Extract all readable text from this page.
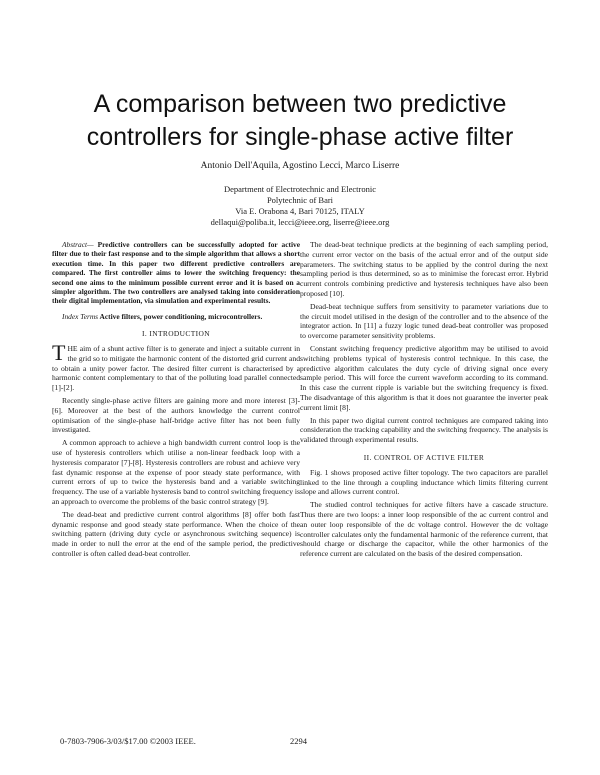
A comparison between two predictive
controllers for single-phase active filter
Antonio Dell'Aquila, Agostino Lecci, Marco Liserre
Department of Electrotechnic and Electronic
Polytechnic of Bari
Via E. Orabona 4, Bari 70125, ITALY
dellaqui@poliba.it, lecci@ieee.org, liserre@ieee.org

Abstract— Predictive controllers can be successfully adopted for active filter due to their fast response and to the simple algorithm that allows a short execution time. In this paper two different predictive controllers are compared. The first controller aims to lower the switching frequency: the second one aims to the minimum possible current error and it is based on a simpler algorithm. The two controllers are analysed taking into consideration their digital implementation, via simulation and experimental results.

Index Terms Active filters, power conditioning, microcontrollers.

I. INTRODUCTION

THE aim of a shunt active filter is to generate and inject a suitable current in the grid so to mitigate the harmonic content of the distorted grid current and to obtain a unity power factor. The desired filter current is characterised by a harmonic content complementary to that of the polluting load parallel connected [1]-[2].

Recently single-phase active filters are gaining more and more interest [3]-[6]. Moreover at the best of the authors knowledge the current control optimisation of the single-phase half-bridge active filter has not been fully investigated.

A common approach to achieve a high bandwidth current control loop is the use of hysteresis controllers which utilise a non-linear feedback loop with a hysteresis comparator [7]-[8]. Hysteresis controllers are robust and achieve very fast dynamic response at the expense of poor steady state performance, with current errors of up to twice the hysteresis band and a variable switching frequency. The use of a variable hysteresis band to control switching frequency is an approach to overcome the problems of the basic control strategy [9].

The dead-beat and predictive current control algorithms [8] offer both fast dynamic response and good steady state performance. When the choice of the switching pattern (driving duty cycle or asynchronous switching sequence) is made in order to null the error at the end of the sample period, the predictive controller is often called dead-beat controller.

The dead-beat technique predicts at the beginning of each sampling period, the current error vector on the basis of the actual error and of the output side parameters. The switching status to be applied by the control during the next sampling period is thus determined, so as to minimise the forecast error. Hybrid current controls combining predictive and hysteresis techniques have also been proposed [10].

Dead-beat technique suffers from sensitivity to parameter variations due to the circuit model utilised in the design of the controller and to the absence of the integrator action. In [11] a fuzzy logic tuned dead-beat controller was proposed to overcome parameter sensitivity problems.

Constant switching frequency predictive algorithm may be utilised to avoid switching problems typical of hysteresis control technique. In this case, the predictive algorithm calculates the duty cycle of driving signal once every sample period. This will force the current waveform according to its command. In this case the current ripple is variable but the switching frequency is fixed. The disadvantage of this algorithm is that it does not guarantee the inverter peak current limit [8].

In this paper two digital current control techniques are compared taking into consideration the tracking capability and the switching frequency. The analysis is validated through experimental results.

II. CONTROL OF ACTIVE FILTER

Fig. 1 shows proposed active filter topology. The two capacitors are parallel linked to the line through a coupling inductance which limits filtering current slope and allows current control.

The studied control techniques for active filters have a cascade structure. Thus there are two loops: a inner loop responsible of the ac current control and an outer loop responsible of the dc voltage control. However the dc voltage controller calculates only the fundamental harmonic of the reference current, that should charge or discharge the capacitor, while the other harmonics of the reference current are calculated on the basis of the desired compensation.

0-7803-7906-3/03/$17.00 ©2003 IEEE.	2294
